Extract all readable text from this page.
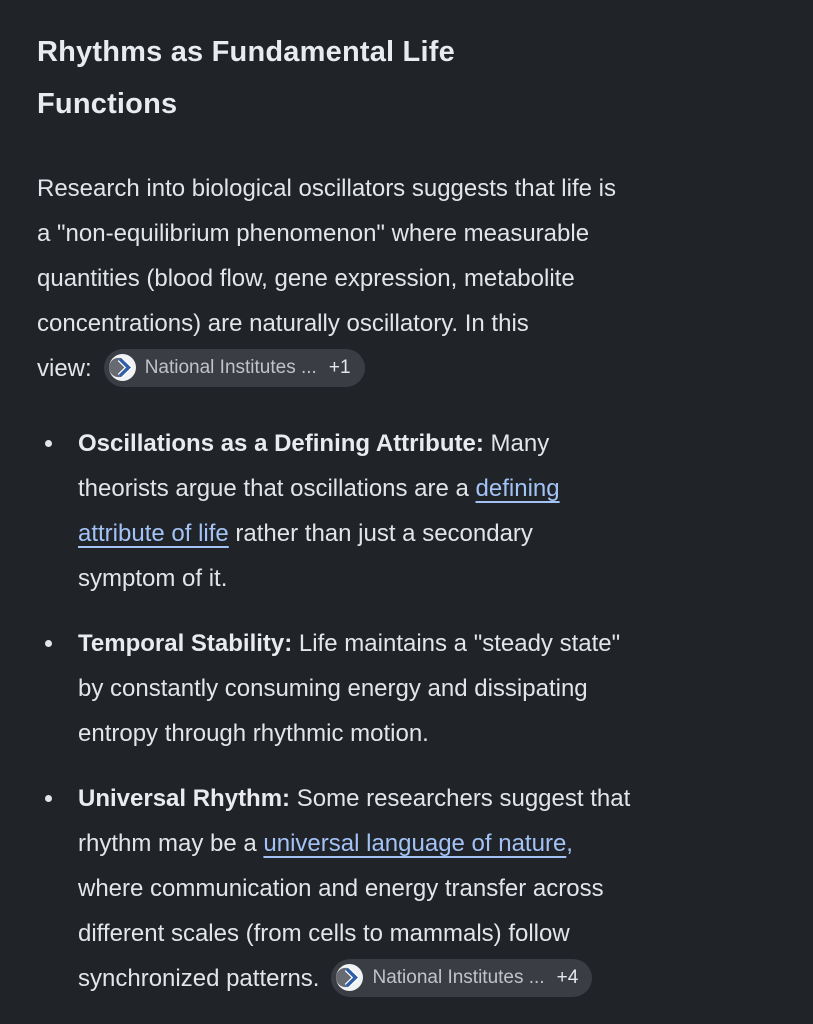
Rhythms as Fundamental Life
Functions
Research into biological oscillators suggests that life is
a "non-equilibrium phenomenon" where measurable
quantities (blood flow, gene expression, metabolite
concentrations) are naturally oscillatory. In this
view:	National Institutes ... +1
Oscillations as a Defining Attribute: Many
theorists argue that oscillations are a defining
attribute of life rather than just a secondary
symptom of it.
Temporal Stability: Life maintains a "steady state"
by constantly consuming energy and dissipating
entropy through rhythmic motion.
Universal Rhythm: Some researchers suggest that
rhythm may be a universal language of nature,
where communication and energy transfer across
different scales (from cells to mammals) follow
synchronized patterns.	National Institutes ... +4
